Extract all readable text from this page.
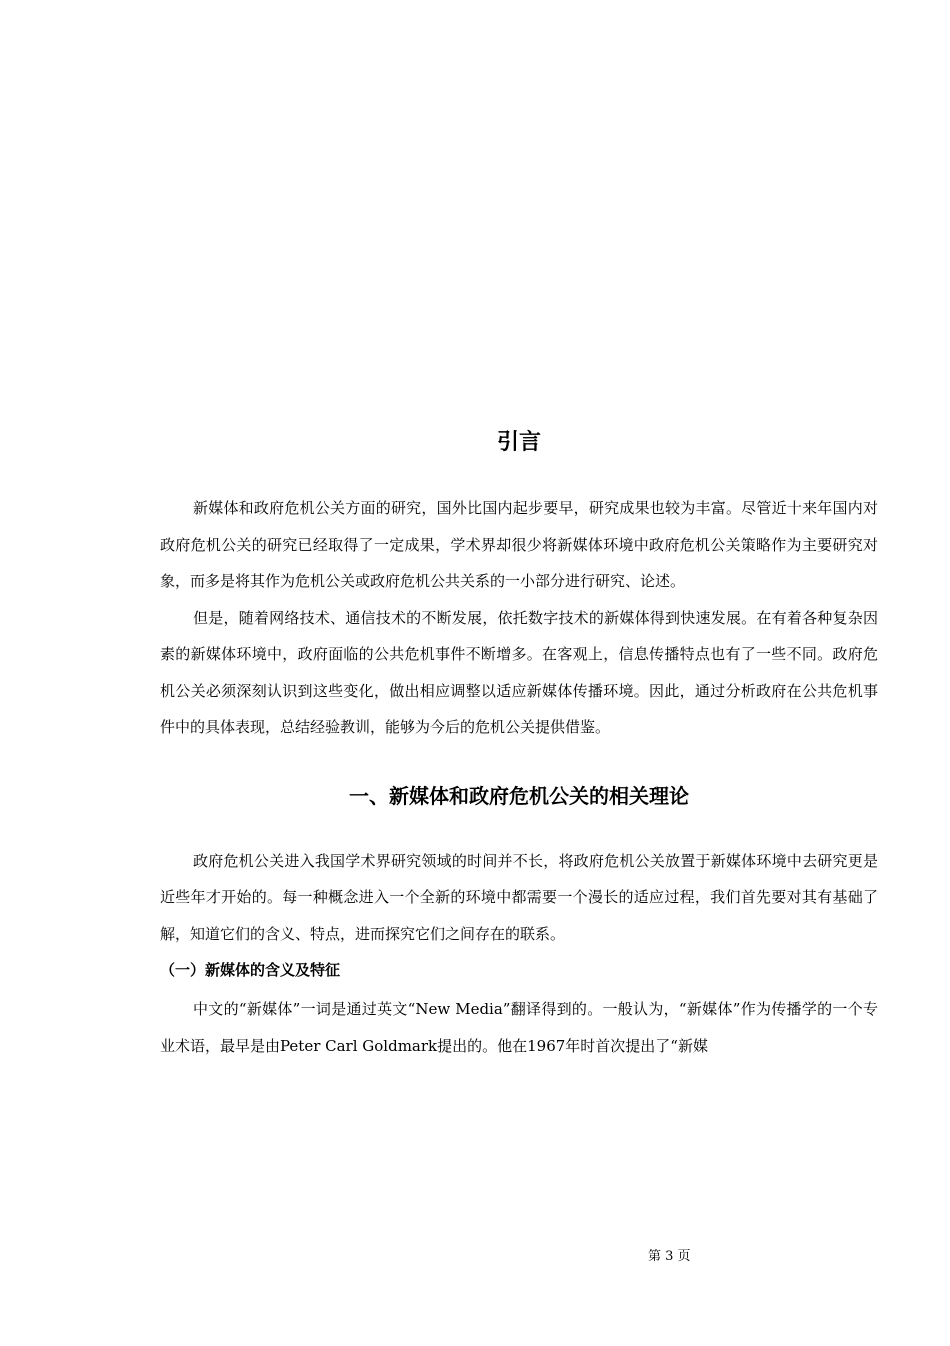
引言

新媒体和政府危机公关方面的研究，国外比国内起步要早，研究成果也较为丰富。尽管近十来年国内对政府危机公关的研究已经取得了一定成果，学术界却很少将新媒体环境中政府危机公关策略作为主要研究对象，而多是将其作为危机公关或政府危机公共关系的一小部分进行研究、论述。

但是，随着网络技术、通信技术的不断发展，依托数字技术的新媒体得到快速发展。在有着各种复杂因素的新媒体环境中，政府面临的公共危机事件不断增多。在客观上，信息传播特点也有了一些不同。政府危机公关必须深刻认识到这些变化，做出相应调整以适应新媒体传播环境。因此，通过分析政府在公共危机事件中的具体表现，总结经验教训，能够为今后的危机公关提供借鉴。

一、新媒体和政府危机公关的相关理论

政府危机公关进入我国学术界研究领域的时间并不长，将政府危机公关放置于新媒体环境中去研究更是近些年才开始的。每一种概念进入一个全新的环境中都需要一个漫长的适应过程，我们首先要对其有基础了解，知道它们的含义、特点，进而探究它们之间存在的联系。

（一）新媒体的含义及特征

中文的“新媒体”一词是通过英文“New Media”翻译得到的。一般认为，“新媒体”作为传播学的一个专业术语，最早是由Peter Carl Goldmark提出的。他在1967年时首次提出了“新媒

第 3 页
